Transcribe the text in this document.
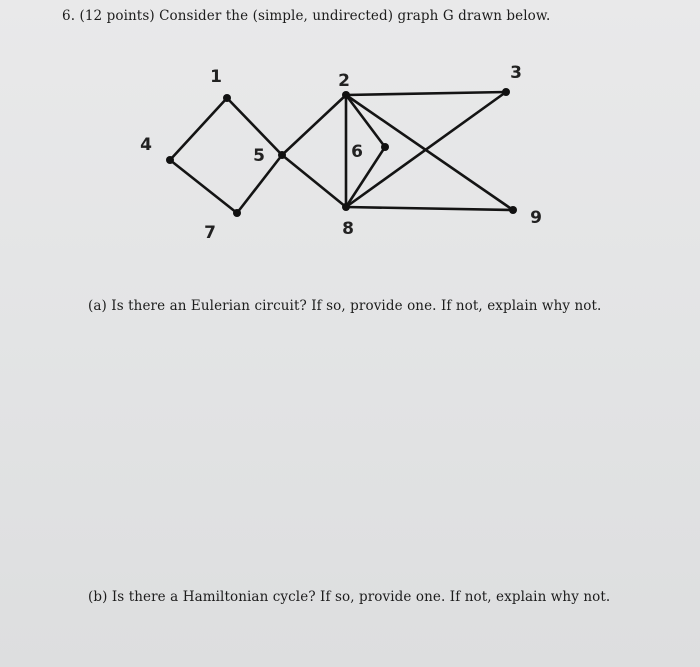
6. (12 points) Consider the (simple, undirected) graph G drawn below.
1	2	3
4
5	6
7	8
9
(a) Is there an Eulerian circuit? If so, provide one. If not, explain why not.
(b) Is there a Hamiltonian cycle? If so, provide one. If not, explain why not.
